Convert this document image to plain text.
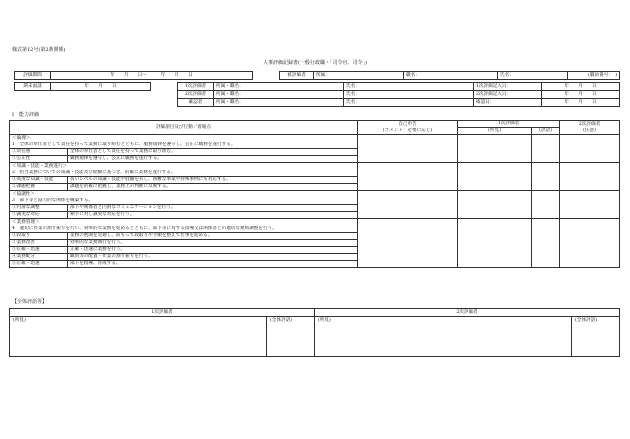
様式第12号(第2条関係)
人事評価記録書(一般行政職・「司令官、司令」)
評価期間	年　　月　　日〜　　　年　　月　　日	被評価者	所属：	職名：	氏名：	(職員番号：　)
期末面談	年　　月　　日	1次評価者	所属・職名：	氏名：	1次評価記入日：	年　　月　　日
2次評価者	所属・職名：	氏名：	2次評価記入日：	年　　月　　日
確認者	所属・職名：	氏名：	確認日：	年　　月　　日
Ⅰ　能力評価
評価項目及び行動／着眼点		自己申告	1次評価者		2次評価者
		(コメント：必要に応じ)	(所見)	(評語)	(任意)
＜倫理＞					
1　全体の奉仕者として責任を持って業務に取り組むとともに、服務規律を遵守し、公正に職務を遂行する。					
①責任感	全体の奉仕者として責任を持って業務に取り組む。				
②公正性	職務規律を遵守し、公正に職務を遂行する。				
＜知識・技能・業務遂行＞					
2　担当業務についての知識・技能及び経験に基づき、的確に業務を遂行する。					
①高度な知識・技能	高いレベルの知識・技能や経験を有し、困難な事案や特殊事例にも対応する。				
②課題把握	課題を的確に把握し、業務上の判断に反映する。				
＜協調性＞					
3　部下等と協力的な関係を構築する。					
①円滑な調整	部下や関係者と円滑なコミュニケーションを行う。				
②誠実な対応	相手に対し誠実な対応を行う。				
＜業務管理＞					
4　適切に作業の割り振りを行い、効率的な業務を進めるとともに、部下等に対する指導又は関係者との適切な連絡調整を行う。					
①段取り	業務の展開を見通し、前もって段取りや手順を整えて仕事を進める。				
②業務改善	効率的な業務執行を行う。				
③正確・迅速	正確・迅速に業務を行う。				
④業務配分	職員等の配置・作業の割り振りを行う。				
⑤正確・迅速	部下を指導、育成する。				
【全体評語等】
1次評価者	2次評価者

(所見) (全体評語)	(所見) (全体評語)
